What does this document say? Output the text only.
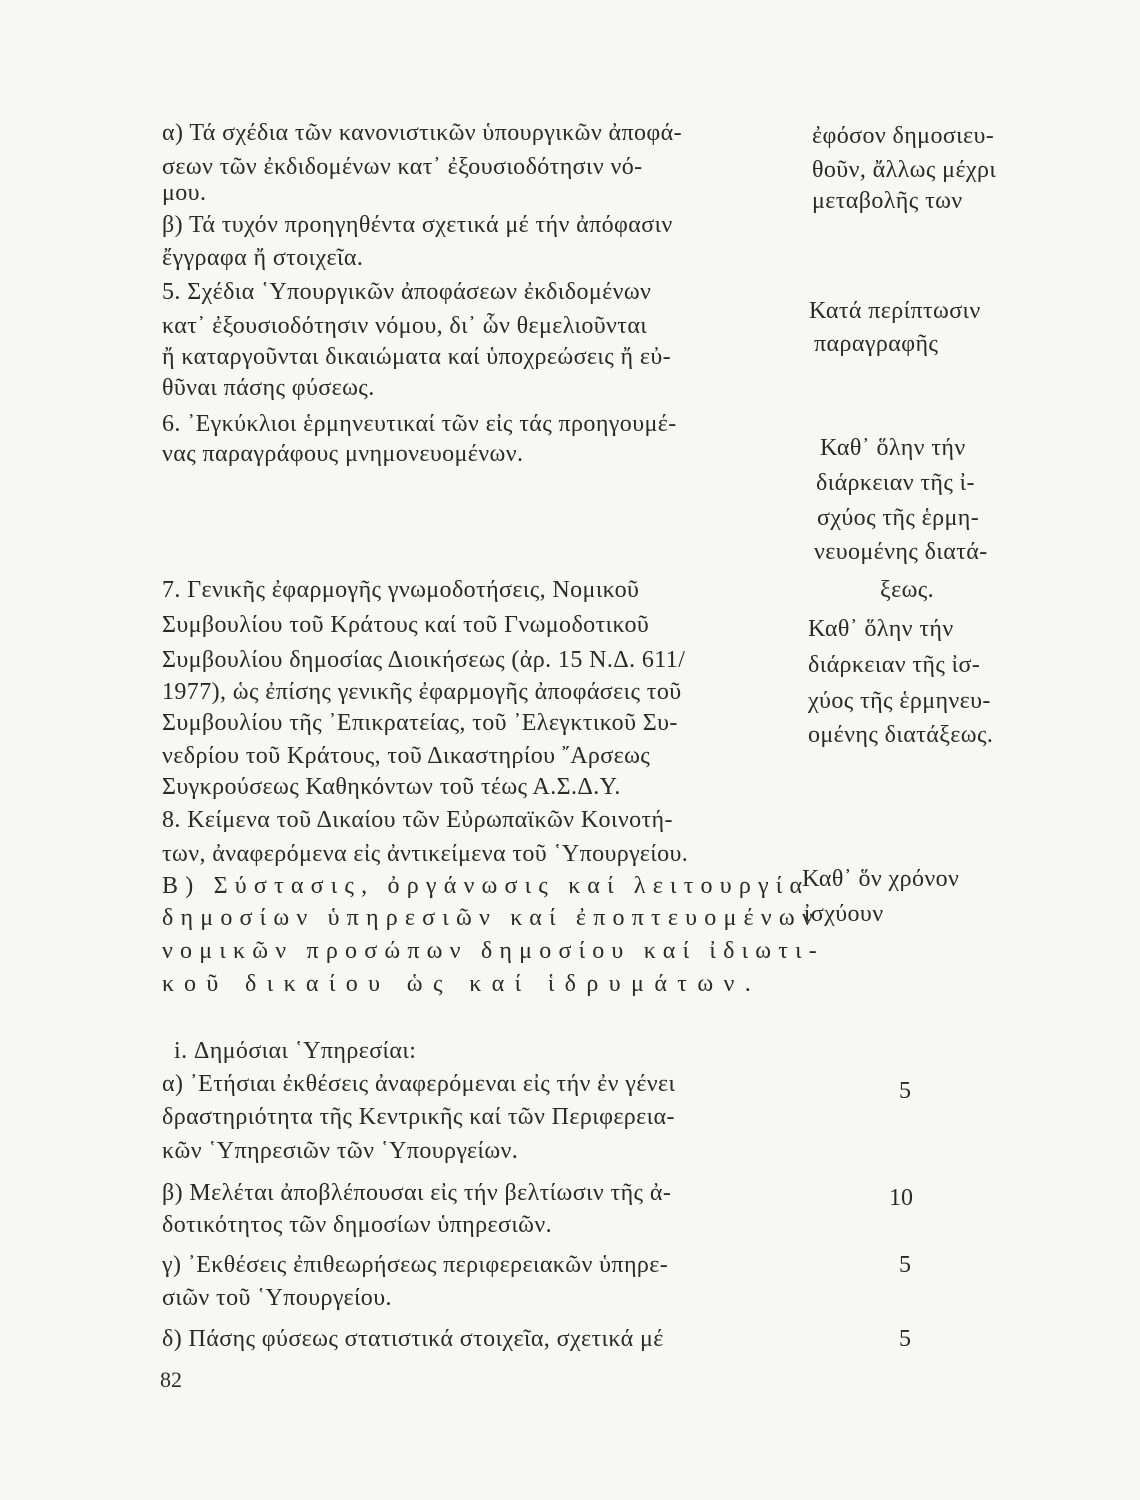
α) Τά σχέδια τῶν κανονιστικῶν ὑπουργικῶν ἀποφά-
σεων τῶν ἐκδιδομένων κατ᾽ ἐξουσιοδότησιν νό-
μου.
β) Τά τυχόν προηγηθέντα σχετικά μέ τήν ἀπόφασιν
ἔγγραφα ἤ στοιχεῖα.
5. Σχέδια ῾Υπουργικῶν ἀποφάσεων ἐκδιδομένων
κατ᾽ ἐξουσιοδότησιν νόμου, δι᾽ ὧν θεμελιοῦνται
ἤ καταργοῦνται δικαιώματα καί ὑποχρεώσεις ἤ εὐ-
θῦναι πάσης φύσεως.
6. ᾽Εγκύκλιοι ἑρμηνευτικαί τῶν εἰς τάς προηγουμέ-
νας παραγράφους μνημονευομένων.
7. Γενικῆς ἐφαρμογῆς γνωμοδοτήσεις, Νομικοῦ
Συμβουλίου τοῦ Κράτους καί τοῦ Γνωμοδοτικοῦ
Συμβουλίου δημοσίας Διοικήσεως (ἀρ. 15 Ν.Δ. 611/
1977), ὡς ἐπίσης γενικῆς ἐφαρμογῆς ἀποφάσεις τοῦ
Συμβουλίου τῆς ᾽Επικρατείας, τοῦ ᾽Ελεγκτικοῦ Συ-
νεδρίου τοῦ Κράτους, τοῦ Δικαστηρίου ῎Αρσεως
Συγκρούσεως Καθηκόντων τοῦ τέως Α.Σ.Δ.Υ.
8. Κείμενα τοῦ Δικαίου τῶν Εὐρωπαϊκῶν Κοινοτή-
των, ἀναφερόμενα εἰς ἀντικείμενα τοῦ ῾Υπουργείου.
Β) Σύστασις, ὀργάνωσις καί λειτουργία
δημοσίων ὑπηρεσιῶν καί ἐποπτευομένων
νομικῶν προσώπων δημοσίου καί ἰδιωτι-
κοῦ δικαίου ὡς καί ἱδρυμάτων.
i. Δημόσιαι ῾Υπηρεσίαι:
α) ᾽Ετήσιαι ἐκθέσεις ἀναφερόμεναι εἰς τήν ἐν γένει
δραστηριότητα τῆς Κεντρικῆς καί τῶν Περιφερεια-
κῶν ῾Υπηρεσιῶν τῶν ῾Υπουργείων.
β) Μελέται ἀποβλέπουσαι εἰς τήν βελτίωσιν τῆς ἀ-
δοτικότητος τῶν δημοσίων ὑπηρεσιῶν.
γ) ᾽Εκθέσεις ἐπιθεωρήσεως περιφερειακῶν ὑπηρε-
σιῶν τοῦ ῾Υπουργείου.
δ) Πάσης φύσεως στατιστικά στοιχεῖα, σχετικά μέ
ἐφόσον δημοσιευ-
θοῦν, ἄλλως μέχρι
μεταβολῆς των
Κατά περίπτωσιν
παραγραφῆς
Καθ᾽ ὅλην τήν
διάρκειαν τῆς ἰ-
σχύος τῆς ἑρμη-
νευομένης διατά-
ξεως.
Καθ᾽ ὅλην τήν
διάρκειαν τῆς ἰσ-
χύος τῆς ἑρμηνευ-
ομένης διατάξεως.
Καθ᾽ ὅν χρόνον
ἰσχύουν
5
10
5
5
82
